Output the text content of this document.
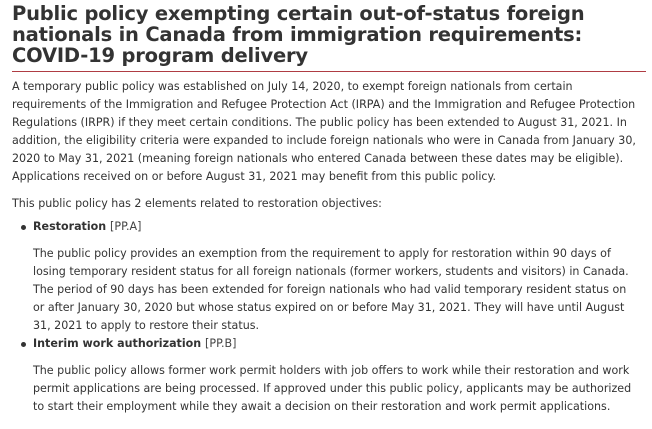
Public policy exempting certain out-of-status foreign nationals in Canada from immigration requirements: COVID-19 program delivery

A temporary public policy was established on July 14, 2020, to exempt foreign nationals from certain requirements of the Immigration and Refugee Protection Act (IRPA) and the Immigration and Refugee Protection Regulations (IRPR) if they meet certain conditions. The public policy has been extended to August 31, 2021. In addition, the eligibility criteria were expanded to include foreign nationals who were in Canada from January 30, 2020 to May 31, 2021 (meaning foreign nationals who entered Canada between these dates may be eligible). Applications received on or before August 31, 2021 may benefit from this public policy.

This public policy has 2 elements related to restoration objectives:

Restoration [PP.A]

The public policy provides an exemption from the requirement to apply for restoration within 90 days of losing temporary resident status for all foreign nationals (former workers, students and visitors) in Canada. The period of 90 days has been extended for foreign nationals who had valid temporary resident status on or after January 30, 2020 but whose status expired on or before May 31, 2021. They will have until August 31, 2021 to apply to restore their status.

Interim work authorization [PP.B]

The public policy allows former work permit holders with job offers to work while their restoration and work permit applications are being processed. If approved under this public policy, applicants may be authorized to start their employment while they await a decision on their restoration and work permit applications.
